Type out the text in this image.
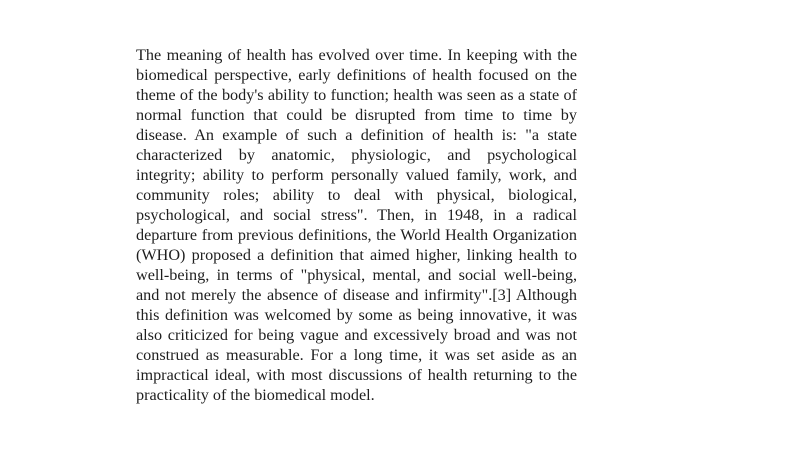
The meaning of health has evolved over time. In keeping with the biomedical perspective, early definitions of health focused on the theme of the body's ability to function; health was seen as a state of normal function that could be disrupted from time to time by disease. An example of such a definition of health is: "a state characterized by anatomic, physiologic, and psychological integrity; ability to perform personally valued family, work, and community roles; ability to deal with physical, biological, psychological, and social stress". Then, in 1948, in a radical departure from previous definitions, the World Health Organization (WHO) proposed a definition that aimed higher, linking health to well-being, in terms of "physical, mental, and social well-being, and not merely the absence of disease and infirmity".[3] Although this definition was welcomed by some as being innovative, it was also criticized for being vague and excessively broad and was not construed as measurable. For a long time, it was set aside as an impractical ideal, with most discussions of health returning to the practicality of the biomedical model.
